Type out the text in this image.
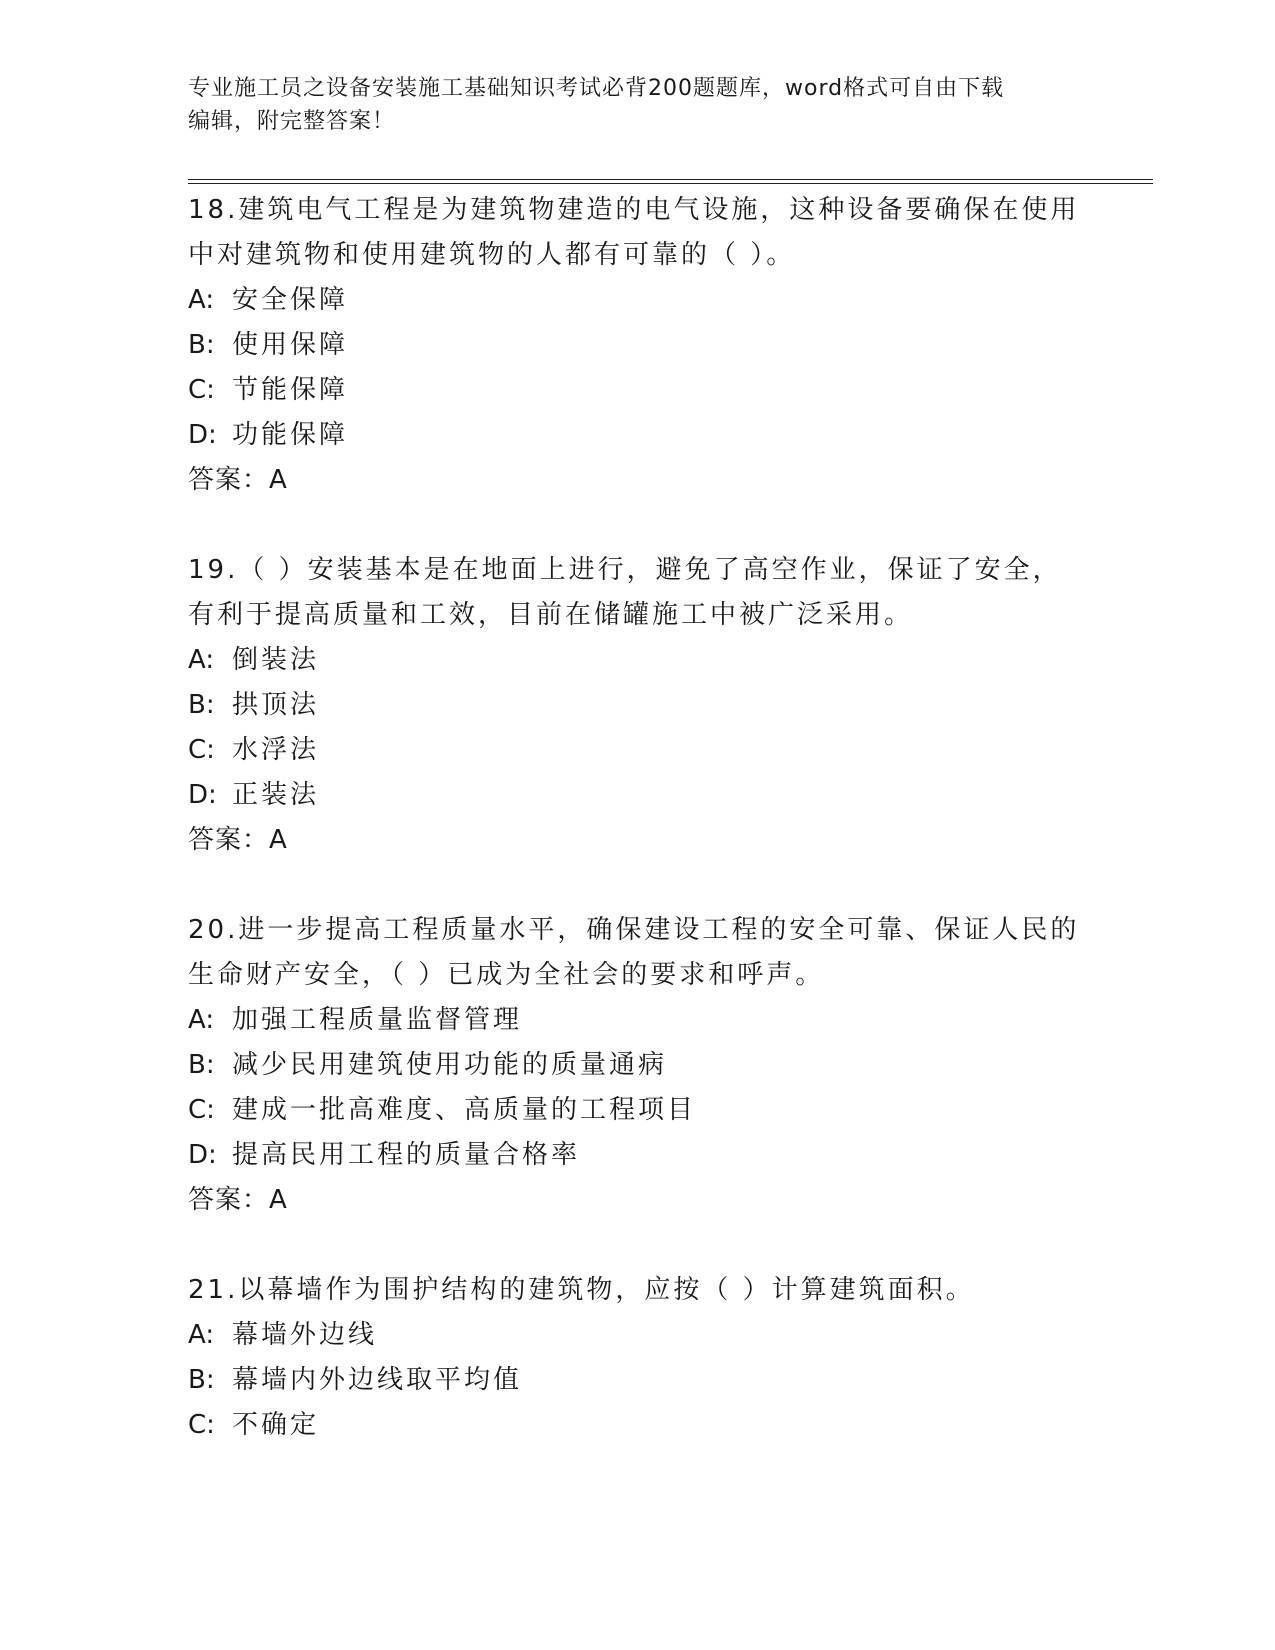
专业施工员之设备安装施工基础知识考试必背200题题库，word格式可自由下载
编辑，附完整答案！

18.建筑电气工程是为建筑物建造的电气设施，这种设备要确保在使用

中对建筑物和使用建筑物的人都有可靠的（ ）。

A: 安全保障

B: 使用保障

C: 节能保障

D: 功能保障

答案：A

19.（ ）安装基本是在地面上进行，避免了高空作业，保证了安全，

有利于提高质量和工效，目前在储罐施工中被广泛采用。

A: 倒装法

B: 拱顶法

C: 水浮法

D: 正装法

答案：A

20.进一步提高工程质量水平，确保建设工程的安全可靠、保证人民的

生命财产安全，（ ）已成为全社会的要求和呼声。

A: 加强工程质量监督管理

B: 减少民用建筑使用功能的质量通病

C: 建成一批高难度、高质量的工程项目

D: 提高民用工程的质量合格率

答案：A

21.以幕墙作为围护结构的建筑物，应按（ ）计算建筑面积。

A: 幕墙外边线

B: 幕墙内外边线取平均值

C: 不确定
